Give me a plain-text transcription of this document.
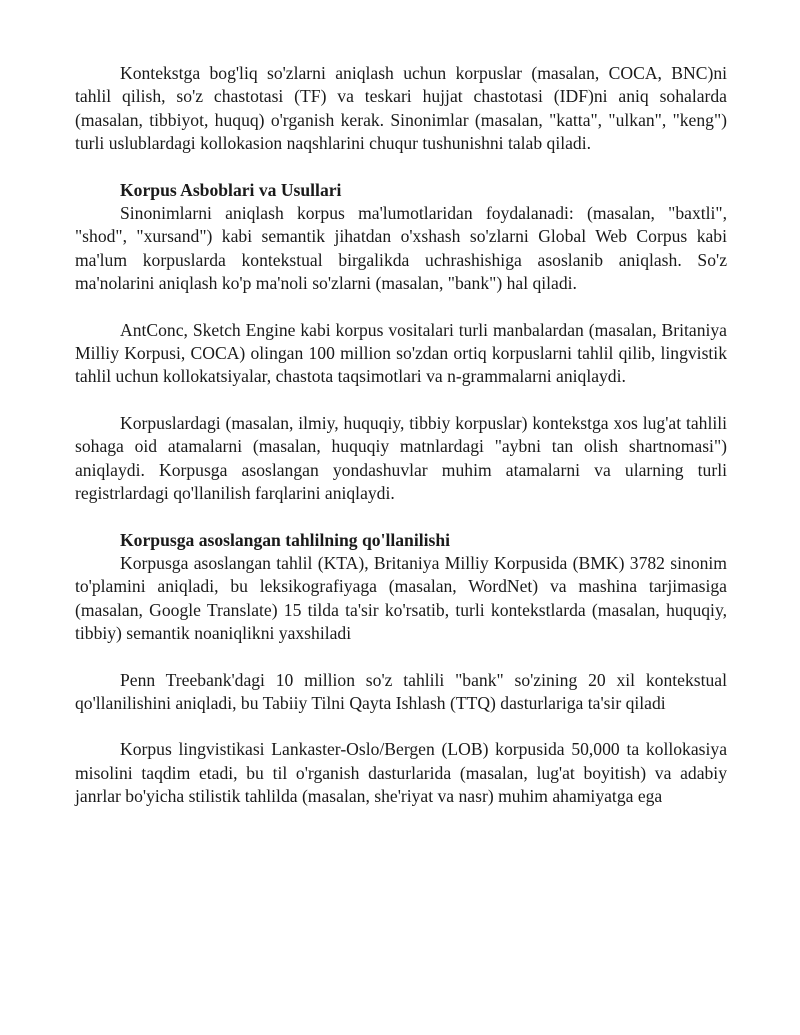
Kontekstga bog'liq so'zlarni aniqlash uchun korpuslar (masalan, COCA, BNC)ni tahlil qilish, so'z chastotasi (TF) va teskari hujjat chastotasi (IDF)ni aniq sohalarda (masalan, tibbiyot, huquq) o'rganish kerak. Sinonimlar (masalan, "katta", "ulkan", "keng") turli uslublardagi kollokasion naqshlarini chuqur tushunishni talab qiladi.

Korpus Asboblari va Usullari

Sinonimlarni aniqlash korpus ma'lumotlaridan foydalanadi: (masalan, "baxtli", "shod", "xursand") kabi semantik jihatdan o'xshash so'zlarni Global Web Corpus kabi ma'lum korpuslarda kontekstual birgalikda uchrashishiga asoslanib aniqlash. So'z ma'nolarini aniqlash ko'p ma'noli so'zlarni (masalan, "bank") hal qiladi.

AntConc, Sketch Engine kabi korpus vositalari turli manbalardan (masalan, Britaniya Milliy Korpusi, COCA) olingan 100 million so'zdan ortiq korpuslarni tahlil qilib, lingvistik tahlil uchun kollokatsiyalar, chastota taqsimotlari va n-grammalarni aniqlaydi.

Korpuslardagi (masalan, ilmiy, huquqiy, tibbiy korpuslar) kontekstga xos lug'at tahlili sohaga oid atamalarni (masalan, huquqiy matnlardagi "aybni tan olish shartnomasi") aniqlaydi. Korpusga asoslangan yondashuvlar muhim atamalarni va ularning turli registrlardagi qo'llanilish farqlarini aniqlaydi.

Korpusga asoslangan tahlilning qo'llanilishi

Korpusga asoslangan tahlil (KTA), Britaniya Milliy Korpusida (BMK) 3782 sinonim to'plamini aniqladi, bu leksikografiyaga (masalan, WordNet) va mashina tarjimasiga (masalan, Google Translate) 15 tilda ta'sir ko'rsatib, turli kontekstlarda (masalan, huquqiy, tibbiy) semantik noaniqlikni yaxshiladi

Penn Treebank'dagi 10 million so'z tahlili "bank" so'zining 20 xil kontekstual qo'llanilishini aniqladi, bu Tabiiy Tilni Qayta Ishlash (TTQ) dasturlariga ta'sir qiladi

Korpus lingvistikasi Lankaster-Oslo/Bergen (LOB) korpusida 50,000 ta kollokasiya misolini taqdim etadi, bu til o'rganish dasturlarida (masalan, lug'at boyitish) va adabiy janrlar bo'yicha stilistik tahlilda (masalan, she'riyat va nasr) muhim ahamiyatga ega
